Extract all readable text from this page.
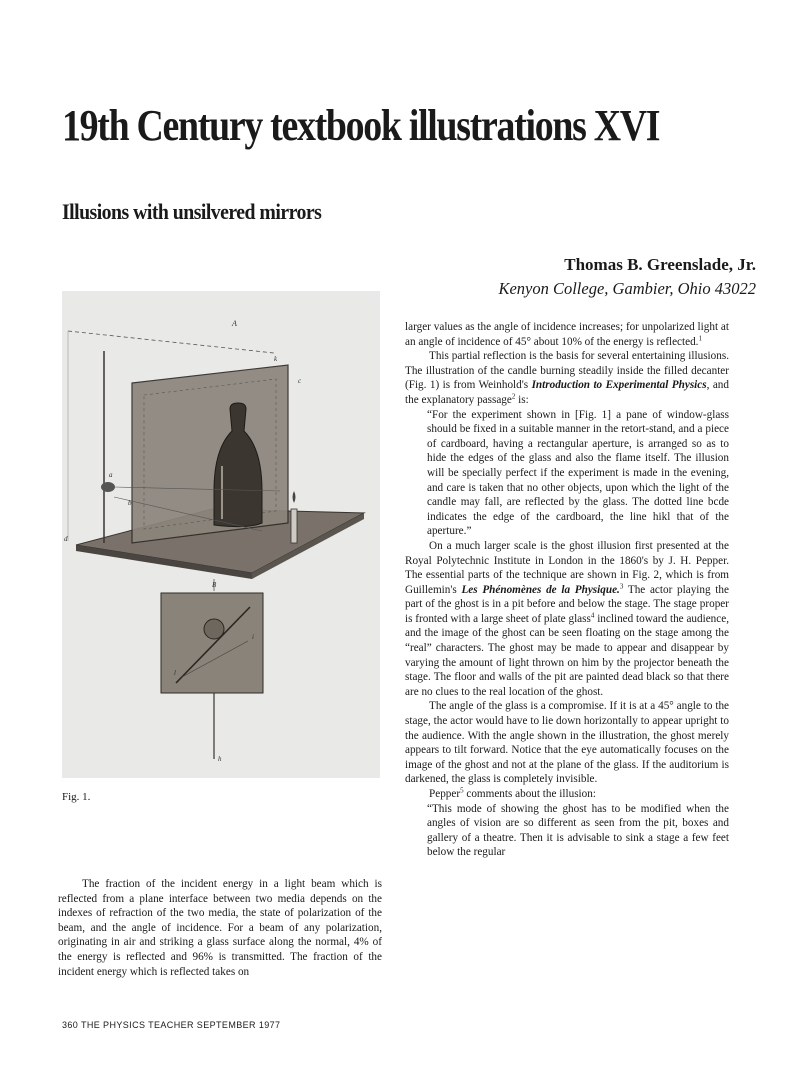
19th Century textbook illustrations XVI
Illusions with unsilvered mirrors
Thomas B. Greenslade, Jr.
Kenyon College, Gambier, Ohio 43022
A
k
a
b
d
c
B
h
i
l
Fig. 1.

The fraction of the incident energy in a light beam which is reflected from a plane interface between two media depends on the indexes of refraction of the two media, the state of polarization of the beam, and the angle of incidence. For a beam of any polarization, originating in air and striking a glass surface along the normal, 4% of the energy is reflected and 96% is transmitted. The fraction of the incident energy which is reflected takes on

larger values as the angle of incidence increases; for unpolarized light at an angle of incidence of 45° about 10% of the energy is reflected.$^1$

This partial reflection is the basis for several entertaining illusions. The illustration of the candle burning steadily inside the filled decanter (Fig. 1) is from Weinhold's Introduction to Experimental Physics, and the explanatory passage$^2$ is:

“For the experiment shown in [Fig. 1] a pane of window-glass should be fixed in a suitable manner in the retort-stand, and a piece of cardboard, having a rectangular aperture, is arranged so as to hide the edges of the glass and also the flame itself. The illusion will be specially perfect if the experiment is made in the evening, and care is taken that no other objects, upon which the light of the candle may fall, are reflected by the glass. The dotted line bcde indicates the edge of the cardboard, the line hikl that of the aperture.”

On a much larger scale is the ghost illusion first presented at the Royal Polytechnic Institute in London in the 1860's by J. H. Pepper. The essential parts of the technique are shown in Fig. 2, which is from Guillemin's Les Phénomènes de la Physique.$^3$ The actor playing the part of the ghost is in a pit before and below the stage. The stage proper is fronted with a large sheet of plate glass$^4$ inclined toward the audience, and the image of the ghost can be seen floating on the stage among the “real” characters. The ghost may be made to appear and disappear by varying the amount of light thrown on him by the projector beneath the stage. The floor and walls of the pit are painted dead black so that there are no clues to the real location of the ghost.

The angle of the glass is a compromise. If it is at a 45° angle to the stage, the actor would have to lie down horizontally to appear upright to the audience. With the angle shown in the illustration, the ghost merely appears to tilt forward. Notice that the eye automatically focuses on the image of the ghost and not at the plane of the glass. If the auditorium is darkened, the glass is completely invisible.

Pepper$^5$ comments about the illusion:

“This mode of showing the ghost has to be modified when the angles of vision are so different as seen from the pit, boxes and gallery of a theatre. Then it is advisable to sink a stage a few feet below the regular

360 THE PHYSICS TEACHER SEPTEMBER 1977
